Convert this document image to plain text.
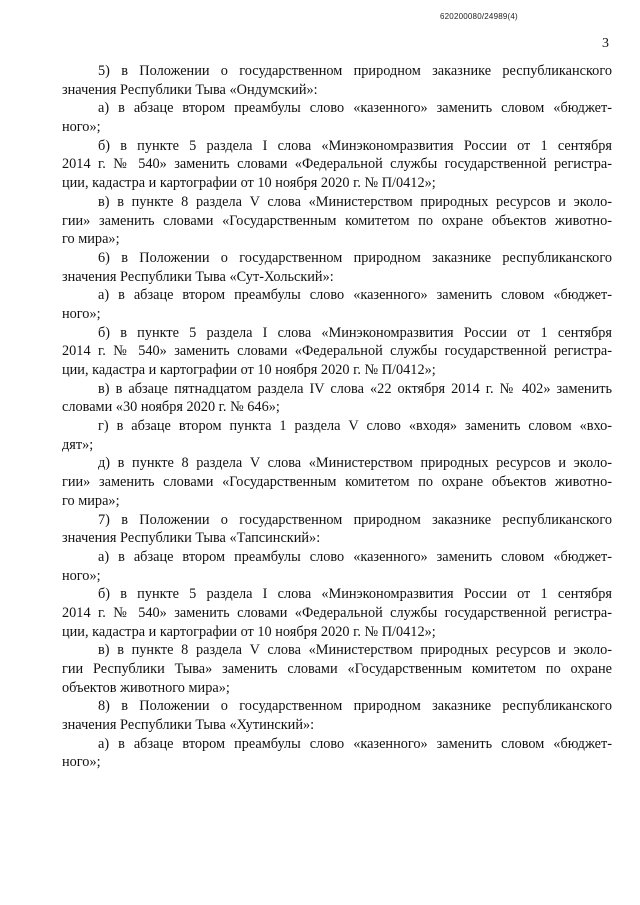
620200080/24989(4)
3
5) в Положении о государственном природном заказнике республиканского
значения Республики Тыва «Ондумский»:
а) в абзаце втором преамбулы слово «казенного» заменить словом «бюджет-
ного»;
б) в пункте 5 раздела I слова «Минэкономразвития России от 1 сентября
2014 г. № 540» заменить словами «Федеральной службы государственной регистра-
ции, кадастра и картографии от 10 ноября 2020 г. № П/0412»;
в) в пункте 8 раздела V слова «Министерством природных ресурсов и эколо-
гии» заменить словами «Государственным комитетом по охране объектов животно-
го мира»;
6) в Положении о государственном природном заказнике республиканского
значения Республики Тыва «Сут-Хольский»:
а) в абзаце втором преамбулы слово «казенного» заменить словом «бюджет-
ного»;
б) в пункте 5 раздела I слова «Минэкономразвития России от 1 сентября
2014 г. № 540» заменить словами «Федеральной службы государственной регистра-
ции, кадастра и картографии от 10 ноября 2020 г. № П/0412»;
в) в абзаце пятнадцатом раздела IV слова «22 октября 2014 г. № 402» заменить
словами «30 ноября 2020 г. № 646»;
г) в абзаце втором пункта 1 раздела V слово «входя» заменить словом «вхо-
дят»;
д) в пункте 8 раздела V слова «Министерством природных ресурсов и эколо-
гии» заменить словами «Государственным комитетом по охране объектов животно-
го мира»;
7) в Положении о государственном природном заказнике республиканского
значения Республики Тыва «Тапсинский»:
а) в абзаце втором преамбулы слово «казенного» заменить словом «бюджет-
ного»;
б) в пункте 5 раздела I слова «Минэкономразвития России от 1 сентября
2014 г. № 540» заменить словами «Федеральной службы государственной регистра-
ции, кадастра и картографии от 10 ноября 2020 г. № П/0412»;
в) в пункте 8 раздела V слова «Министерством природных ресурсов и эколо-
гии Республики Тыва» заменить словами «Государственным комитетом по охране
объектов животного мира»;
8) в Положении о государственном природном заказнике республиканского
значения Республики Тыва «Хутинский»:
а) в абзаце втором преамбулы слово «казенного» заменить словом «бюджет-
ного»;
